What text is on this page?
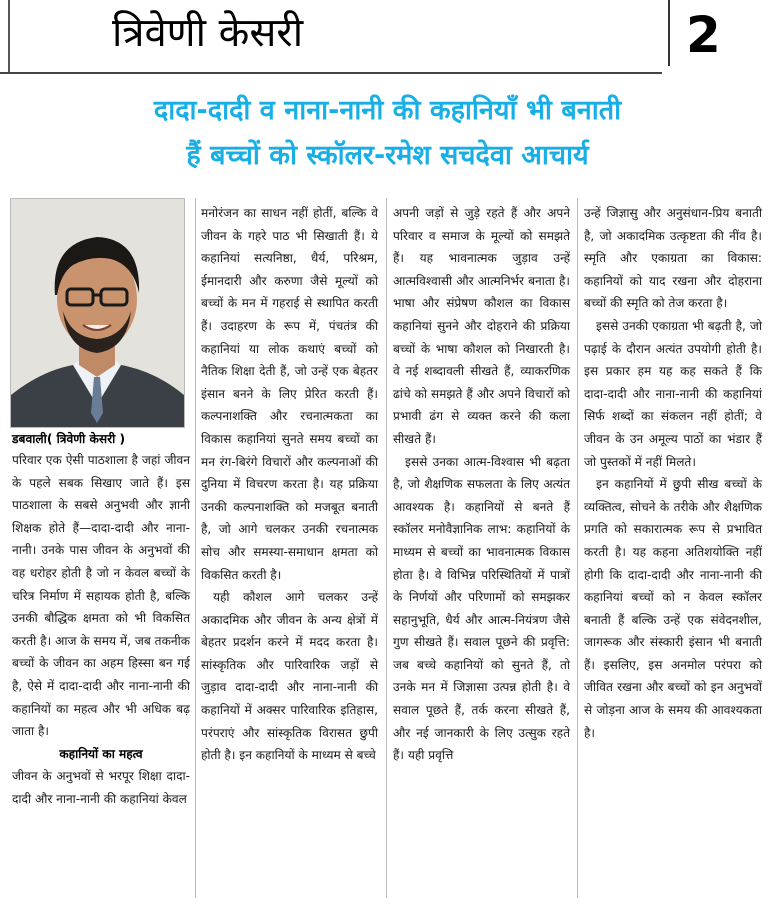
त्रिवेणी केसरी	2
दादा-दादी व नाना-नानी की कहानियाँ भी बनाती
हैं बच्चों को स्कॉलर-रमेश सचदेवा आचार्य
डबवाली( त्रिवेणी केसरी )

परिवार एक ऐसी पाठशाला है जहां जीवन के पहले सबक सिखाए जाते हैं। इस पाठशाला के सबसे अनुभवी और ज्ञानी शिक्षक होते हैं—दादा-दादी और नाना-नानी। उनके पास जीवन के अनुभवों की वह धरोहर होती है जो न केवल बच्चों के चरित्र निर्माण में सहायक होती है, बल्कि उनकी बौद्धिक क्षमता को भी विकसित करती है। आज के समय में, जब तकनीक बच्चों के जीवन का अहम हिस्सा बन गई है, ऐसे में दादा-दादी और नाना-नानी की कहानियों का महत्व और भी अधिक बढ़ जाता है।

कहानियों का महत्व

जीवन के अनुभवों से भरपूर शिक्षा दादा-दादी और नाना-नानी की कहानियां केवल

मनोरंजन का साधन नहीं होतीं, बल्कि वे जीवन के गहरे पाठ भी सिखाती हैं। ये कहानियां सत्यनिष्ठा, धैर्य, परिश्रम, ईमानदारी और करुणा जैसे मूल्यों को बच्चों के मन में गहराई से स्थापित करती हैं। उदाहरण के रूप में, पंचतंत्र की कहानियां या लोक कथाएं बच्चों को नैतिक शिक्षा देती हैं, जो उन्हें एक बेहतर इंसान बनने के लिए प्रेरित करती हैं।कल्पनाशक्ति और रचनात्मकता का विकास कहानियां सुनते समय बच्चों का मन रंग-बिरंगे विचारों और कल्पनाओं की दुनिया में विचरण करता है। यह प्रक्रिया उनकी कल्पनाशक्ति को मजबूत बनाती है, जो आगे चलकर उनकी रचनात्मक सोच और समस्या-समाधान क्षमता को विकसित करती है।

यही कौशल आगे चलकर उन्हें अकादमिक और जीवन के अन्य क्षेत्रों में बेहतर प्रदर्शन करने में मदद करता है।सांस्कृतिक और पारिवारिक जड़ों से जुड़ाव दादा-दादी और नाना-नानी की कहानियों में अक्सर पारिवारिक इतिहास, परंपराएं और सांस्कृतिक विरासत छुपी होती है। इन कहानियों के माध्यम से बच्चे

अपनी जड़ों से जुड़े रहते हैं और अपने परिवार व समाज के मूल्यों को समझते हैं। यह भावनात्मक जुड़ाव उन्हें आत्मविश्वासी और आत्मनिर्भर बनाता है। भाषा और संप्रेषण कौशल का विकास कहानियां सुनने और दोहराने की प्रक्रिया बच्चों के भाषा कौशल को निखारती है। वे नई शब्दावली सीखते हैं, व्याकरणिक ढांचे को समझते हैं और अपने विचारों को प्रभावी ढंग से व्यक्त करने की कला सीखते हैं।

इससे उनका आत्म-विश्वास भी बढ़ता है, जो शैक्षणिक सफलता के लिए अत्यंत आवश्यक है। कहानियों से बनते हैं स्कॉलर मनोवैज्ञानिक लाभ: कहानियों के माध्यम से बच्चों का भावनात्मक विकास होता है। वे विभिन्न परिस्थितियों में पात्रों के निर्णयों और परिणामों को समझकर सहानुभूति, धैर्य और आत्म-नियंत्रण जैसे गुण सीखते हैं। सवाल पूछने की प्रवृत्ति: जब बच्चे कहानियों को सुनते हैं, तो उनके मन में जिज्ञासा उत्पन्न होती है। वे सवाल पूछते हैं, तर्क करना सीखते हैं, और नई जानकारी के लिए उत्सुक रहते हैं। यही प्रवृत्ति

उन्हें जिज्ञासु और अनुसंधान-प्रिय बनाती है, जो अकादमिक उत्कृष्टता की नींव है। स्मृति और एकाग्रता का विकास: कहानियों को याद रखना और दोहराना बच्चों की स्मृति को तेज करता है।

इससे उनकी एकाग्रता भी बढ़ती है, जो पढ़ाई के दौरान अत्यंत उपयोगी होती है। इस प्रकार हम यह कह सकते हैं कि दादा-दादी और नाना-नानी की कहानियां सिर्फ शब्दों का संकलन नहीं होतीं; वे जीवन के उन अमूल्य पाठों का भंडार हैं जो पुस्तकों में नहीं मिलते।

इन कहानियों में छुपी सीख बच्चों के व्यक्तित्व, सोचने के तरीके और शैक्षणिक प्रगति को सकारात्मक रूप से प्रभावित करती है। यह कहना अतिशयोक्ति नहीं होगी कि दादा-दादी और नाना-नानी की कहानियां बच्चों को न केवल स्कॉलर बनाती हैं बल्कि उन्हें एक संवेदनशील, जागरूक और संस्कारी इंसान भी बनाती हैं। इसलिए, इस अनमोल परंपरा को जीवित रखना और बच्चों को इन अनुभवों से जोड़ना आज के समय की आवश्यकता है।
